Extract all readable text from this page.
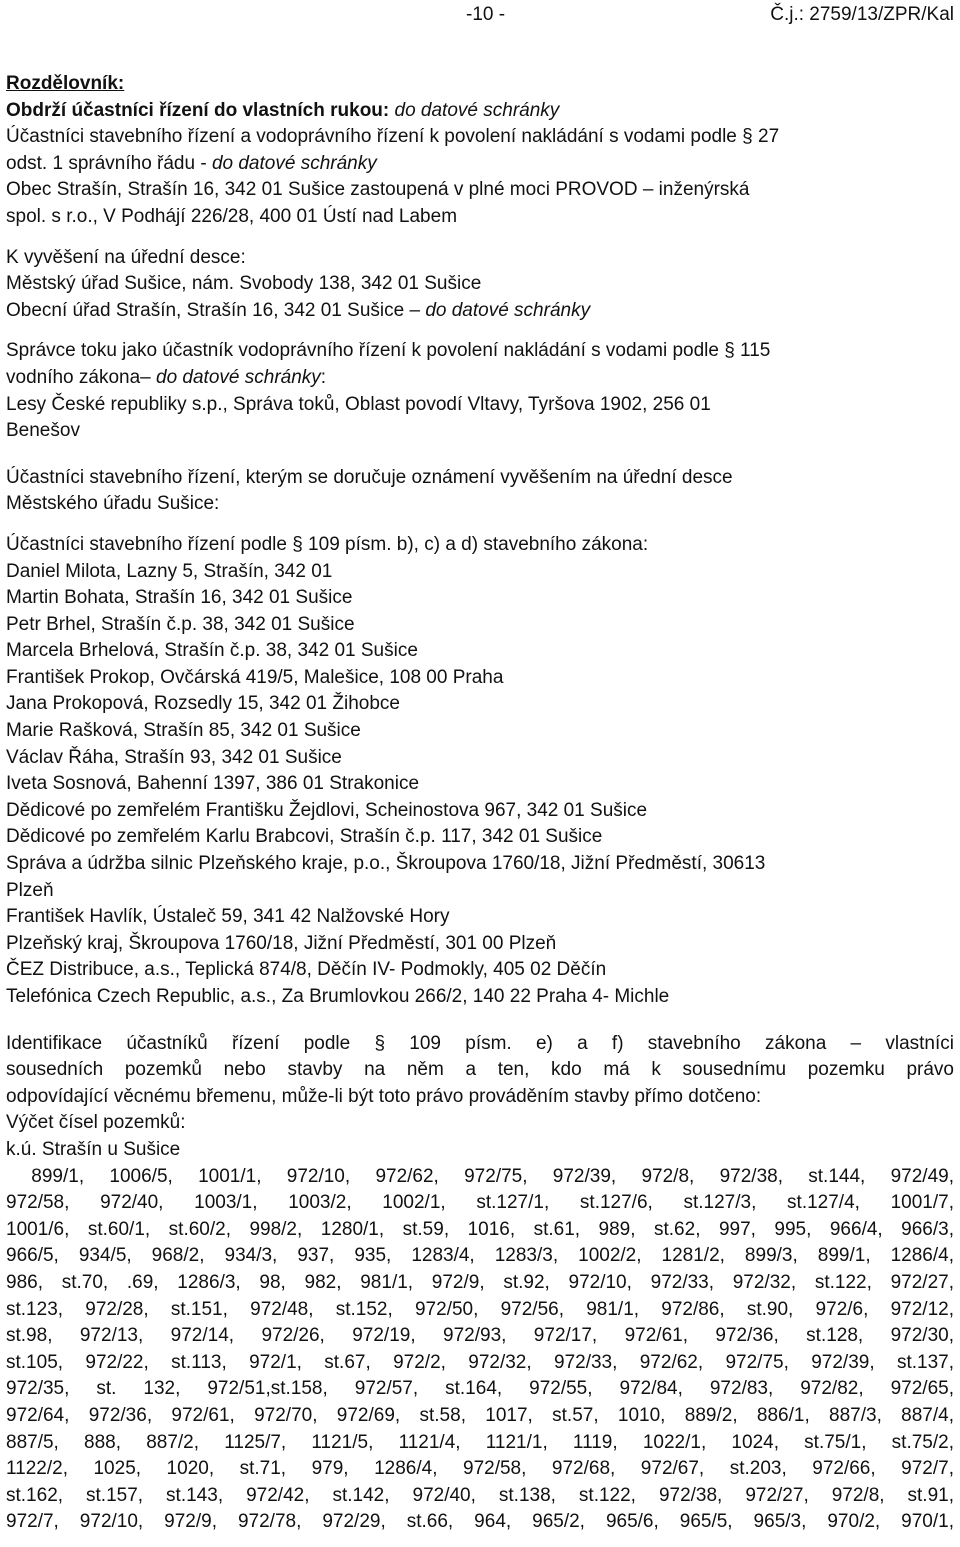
-10 -	Č.j.: 2759/13/ZPR/Kal
Rozdělovník:
Obdrží účastníci řízení do vlastních rukou: do datové schránky
Účastníci stavebního řízení a vodoprávního řízení k povolení nakládání s vodami podle § 27
odst. 1 správního řádu - do datové schránky
Obec Strašín, Strašín 16, 342 01 Sušice zastoupená v plné moci PROVOD – inženýrská
spol. s r.o., V Podhájí 226/28, 400 01 Ústí nad Labem
K vyvěšení na úřední desce:
Městský úřad Sušice, nám. Svobody 138, 342 01 Sušice
Obecní úřad Strašín, Strašín 16, 342 01 Sušice – do datové schránky
Správce toku jako účastník vodoprávního řízení k povolení nakládání s vodami podle § 115
vodního zákona– do datové schránky:
Lesy České republiky s.p., Správa toků, Oblast povodí Vltavy, Tyršova 1902, 256 01
Benešov
Účastníci stavebního řízení, kterým se doručuje oznámení vyvěšením na úřední desce
Městského úřadu Sušice:
Účastníci stavebního řízení podle § 109 písm. b), c) a d) stavebního zákona:
Daniel Milota, Lazny 5, Strašín, 342 01
Martin Bohata, Strašín 16, 342 01 Sušice
Petr Brhel, Strašín č.p. 38, 342 01 Sušice
Marcela Brhelová, Strašín č.p. 38, 342 01 Sušice
František Prokop, Ovčárská 419/5, Malešice, 108 00 Praha
Jana Prokopová, Rozsedly 15, 342 01 Žihobce
Marie Rašková, Strašín 85, 342 01 Sušice
Václav Řáha, Strašín 93, 342 01 Sušice
Iveta Sosnová, Bahenní 1397, 386 01 Strakonice
Dědicové po zemřelém Františku Žejdlovi, Scheinostova 967, 342 01 Sušice
Dědicové po zemřelém Karlu Brabcovi, Strašín č.p. 117, 342 01 Sušice
Správa a údržba silnic Plzeňského kraje, p.o., Škroupova 1760/18, Jižní Předměstí, 30613
Plzeň
František Havlík, Ústaleč 59, 341 42 Nalžovské Hory
Plzeňský kraj, Škroupova 1760/18, Jižní Předměstí, 301 00 Plzeň
ČEZ Distribuce, a.s., Teplická 874/8, Děčín IV- Podmokly, 405 02 Děčín
Telefónica Czech Republic, a.s., Za Brumlovkou 266/2, 140 22 Praha 4- Michle
Identifikace účastníků řízení podle § 109 písm. e) a f) stavebního zákona – vlastníci
sousedních pozemků nebo stavby na něm a ten, kdo má k sousednímu pozemku právo
odpovídající věcnému břemenu, může-li být toto právo prováděním stavby přímo dotčeno:
Výčet čísel pozemků:
k.ú. Strašín u Sušice
899/1, 1006/5, 1001/1, 972/10, 972/62, 972/75, 972/39, 972/8, 972/38, st.144, 972/49,
972/58, 972/40, 1003/1, 1003/2, 1002/1, st.127/1, st.127/6, st.127/3, st.127/4, 1001/7,
1001/6, st.60/1, st.60/2, 998/2, 1280/1, st.59, 1016, st.61, 989, st.62, 997, 995, 966/4, 966/3,
966/5, 934/5, 968/2, 934/3, 937, 935, 1283/4, 1283/3, 1002/2, 1281/2, 899/3, 899/1, 1286/4,
986, st.70, .69, 1286/3, 98, 982, 981/1, 972/9, st.92, 972/10, 972/33, 972/32, st.122, 972/27,
st.123, 972/28, st.151, 972/48, st.152, 972/50, 972/56, 981/1, 972/86, st.90, 972/6, 972/12,
st.98, 972/13, 972/14, 972/26, 972/19, 972/93, 972/17, 972/61, 972/36, st.128, 972/30,
st.105, 972/22, st.113, 972/1, st.67, 972/2, 972/32, 972/33, 972/62, 972/75, 972/39, st.137,
972/35, st. 132, 972/51,st.158, 972/57, st.164, 972/55, 972/84, 972/83, 972/82, 972/65,
972/64, 972/36, 972/61, 972/70, 972/69, st.58, 1017, st.57, 1010, 889/2, 886/1, 887/3, 887/4,
887/5, 888, 887/2, 1125/7, 1121/5, 1121/4, 1121/1, 1119, 1022/1, 1024, st.75/1, st.75/2,
1122/2, 1025, 1020, st.71, 979, 1286/4, 972/58, 972/68, 972/67, st.203, 972/66, 972/7,
st.162, st.157, st.143, 972/42, st.142, 972/40, st.138, st.122, 972/38, 972/27, 972/8, st.91,
972/7, 972/10, 972/9, 972/78, 972/29, st.66, 964, 965/2, 965/6, 965/5, 965/3, 970/2, 970/1,
